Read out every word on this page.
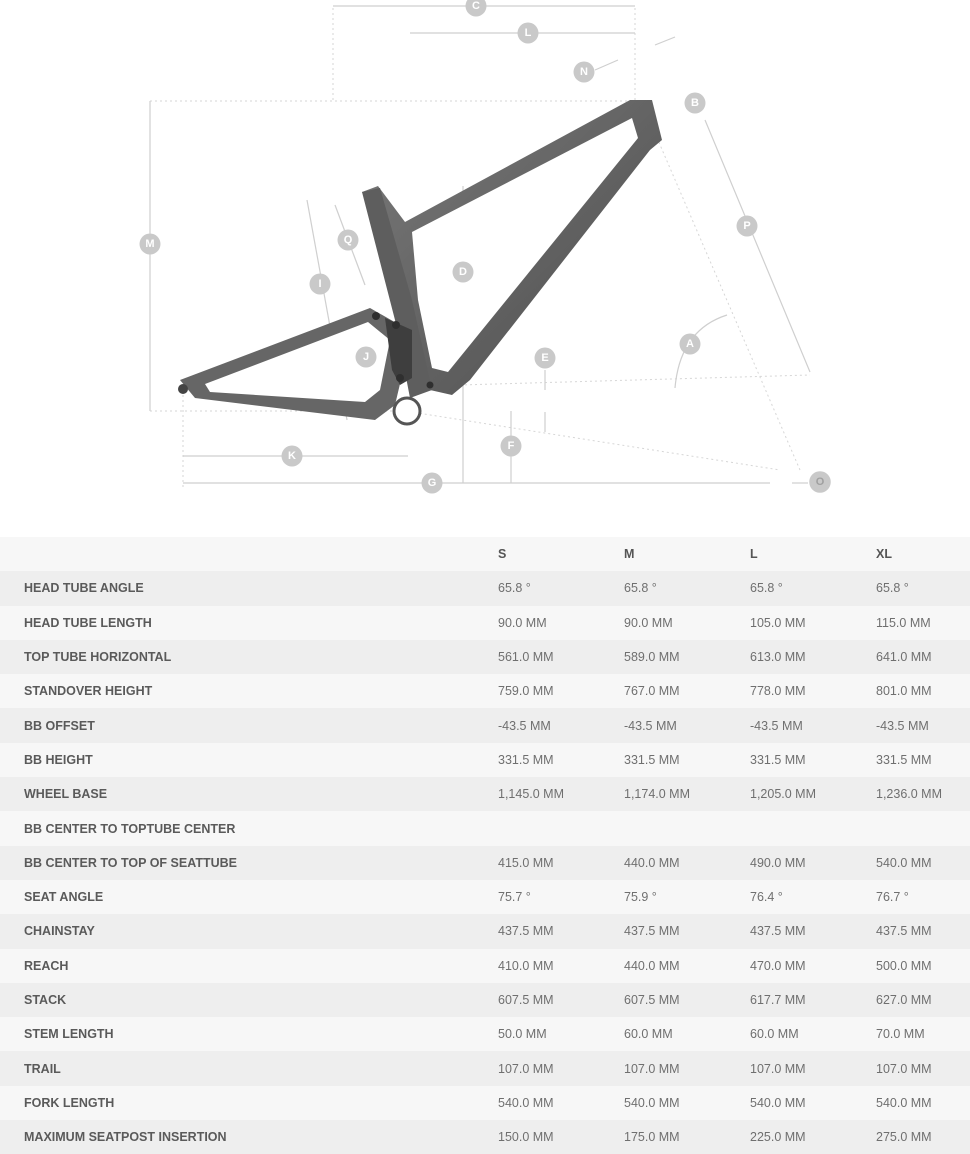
C
L
N
B
M	Q
P
D
I
A
J	E
F
K
G	O
	S	M	L	XL
HEAD TUBE ANGLE	65.8 °	65.8 °	65.8 °	65.8 °
HEAD TUBE LENGTH	90.0 MM	90.0 MM	105.0 MM	115.0 MM
TOP TUBE HORIZONTAL	561.0 MM	589.0 MM	613.0 MM	641.0 MM
STANDOVER HEIGHT	759.0 MM	767.0 MM	778.0 MM	801.0 MM
BB OFFSET	-43.5 MM	-43.5 MM	-43.5 MM	-43.5 MM
BB HEIGHT	331.5 MM	331.5 MM	331.5 MM	331.5 MM
WHEEL BASE	1,145.0 MM	1,174.0 MM	1,205.0 MM	1,236.0 MM
BB CENTER TO TOPTUBE CENTER				
BB CENTER TO TOP OF SEATTUBE	415.0 MM	440.0 MM	490.0 MM	540.0 MM
SEAT ANGLE	75.7 °	75.9 °	76.4 °	76.7 °
CHAINSTAY	437.5 MM	437.5 MM	437.5 MM	437.5 MM
REACH	410.0 MM	440.0 MM	470.0 MM	500.0 MM
STACK	607.5 MM	607.5 MM	617.7 MM	627.0 MM
STEM LENGTH	50.0 MM	60.0 MM	60.0 MM	70.0 MM
TRAIL	107.0 MM	107.0 MM	107.0 MM	107.0 MM
FORK LENGTH	540.0 MM	540.0 MM	540.0 MM	540.0 MM
MAXIMUM SEATPOST INSERTION	150.0 MM	175.0 MM	225.0 MM	275.0 MM
